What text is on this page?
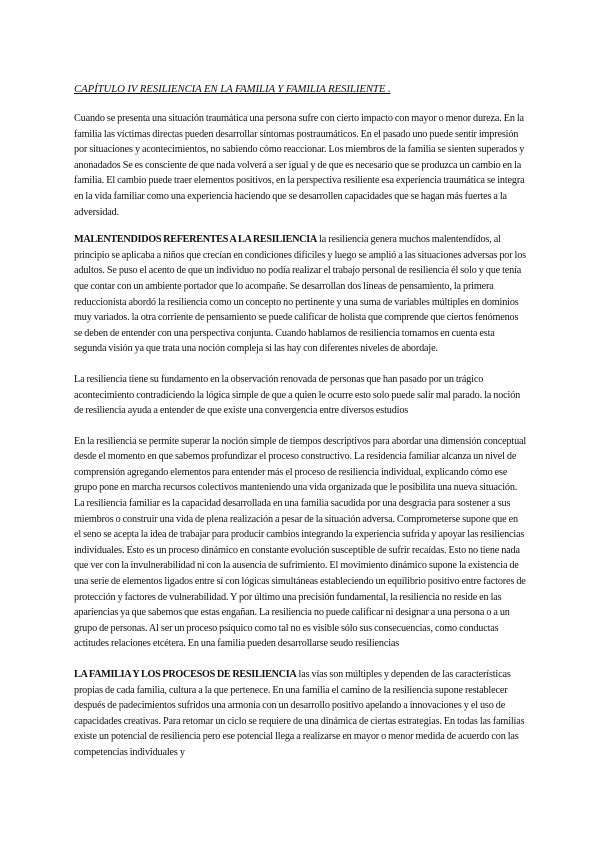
CAPÍTULO IV RESILIENCIA EN LA FAMILIA Y FAMILIA RESILIENTE .

Cuando se presenta una situación traumática una persona sufre con cierto impacto con mayor o menor dureza. En la familia las víctimas directas pueden desarrollar síntomas postraumáticos. En el pasado uno puede sentir impresión por situaciones y acontecimientos, no sabiendo cómo reaccionar. Los miembros de la familia se sienten superados y anonadados Se es consciente de que nada volverá a ser igual y de que es necesario que se produzca un cambio en la familia. El cambio puede traer elementos positivos, en la perspectiva resiliente esa experiencia traumática se integra en la vida familiar como una experiencia haciendo que se desarrollen capacidades que se hagan más fuertes a la adversidad.

MALENTENDIDOS REFERENTES A LA RESILIENCIA la resiliencia genera muchos malentendidos, al principio se aplicaba a niños que crecían en condiciones difíciles y luego se amplió a las situaciones adversas por los adultos. Se puso el acento de que un individuo no podía realizar el trabajo personal de resiliencia él solo y que tenía que contar con un ambiente portador que lo acompañe. Se desarrollan dos líneas de pensamiento, la primera reduccionista abordó la resiliencia como un concepto no pertinente y una suma de variables múltiples en dominios muy variados. la otra corriente de pensamiento se puede calificar de holista que comprende que ciertos fenómenos se deben de entender con una perspectiva conjunta. Cuando hablamos de resiliencia tomamos en cuenta esta segunda visión ya que trata una noción compleja si las hay con diferentes niveles de abordaje.

La resiliencia tiene su fundamento en la observación renovada de personas que han pasado por un trágico acontecimiento contradiciendo la lógica simple de que a quien le ocurre esto solo puede salir mal parado. la noción de resiliencia ayuda a entender de que existe una convergencia entre diversos estudios

En la resiliencia se permite superar la noción simple de tiempos descriptivos para abordar una dimensión conceptual desde el momento en que sabemos profundizar el proceso constructivo. La residencia familiar alcanza un nivel de comprensión agregando elementos para entender más el proceso de resiliencia individual, explicando cómo ese grupo pone en marcha recursos colectivos manteniendo una vida organizada que le posibilita una nueva situación. La resiliencia familiar es la capacidad desarrollada en una familia sacudida por una desgracia para sostener a sus miembros o construir una vida de plena realización a pesar de la situación adversa. Comprometerse supone que en el seno se acepta la idea de trabajar para producir cambios integrando la experiencia sufrida y apoyar las resiliencias individuales. Esto es un proceso dinámico en constante evolución susceptible de sufrir recaídas. Esto no tiene nada que ver con la invulnerabilidad ni con la ausencia de sufrimiento. El movimiento dinámico supone la existencia de una serie de elementos ligados entre sí con lógicas simultáneas estableciendo un equilibrio positivo entre factores de protección y factores de vulnerabilidad. Y por último una precisión fundamental, la resiliencia no reside en las apariencias ya que sabemos que estas engañan. La resiliencia no puede calificar ni designar a una persona o a un grupo de personas. Al ser un proceso psíquico como tal no es visible sólo sus consecuencias, como conductas actitudes relaciones etcétera. En una familia pueden desarrollarse seudo resiliencias

LA FAMILIA Y LOS PROCESOS DE RESILIENCIA las vías son múltiples y dependen de las características propias de cada familia, cultura a la que pertenece. En una familia el camino de la resiliencia supone restablecer después de padecimientos sufridos una armonía con un desarrollo positivo apelando a innovaciones y el uso de capacidades creativas. Para retomar un ciclo se requiere de una dinámica de ciertas estrategias. En todas las familias existe un potencial de resiliencia pero ese potencial llega a realizarse en mayor o menor medida de acuerdo con las competencias individuales y
